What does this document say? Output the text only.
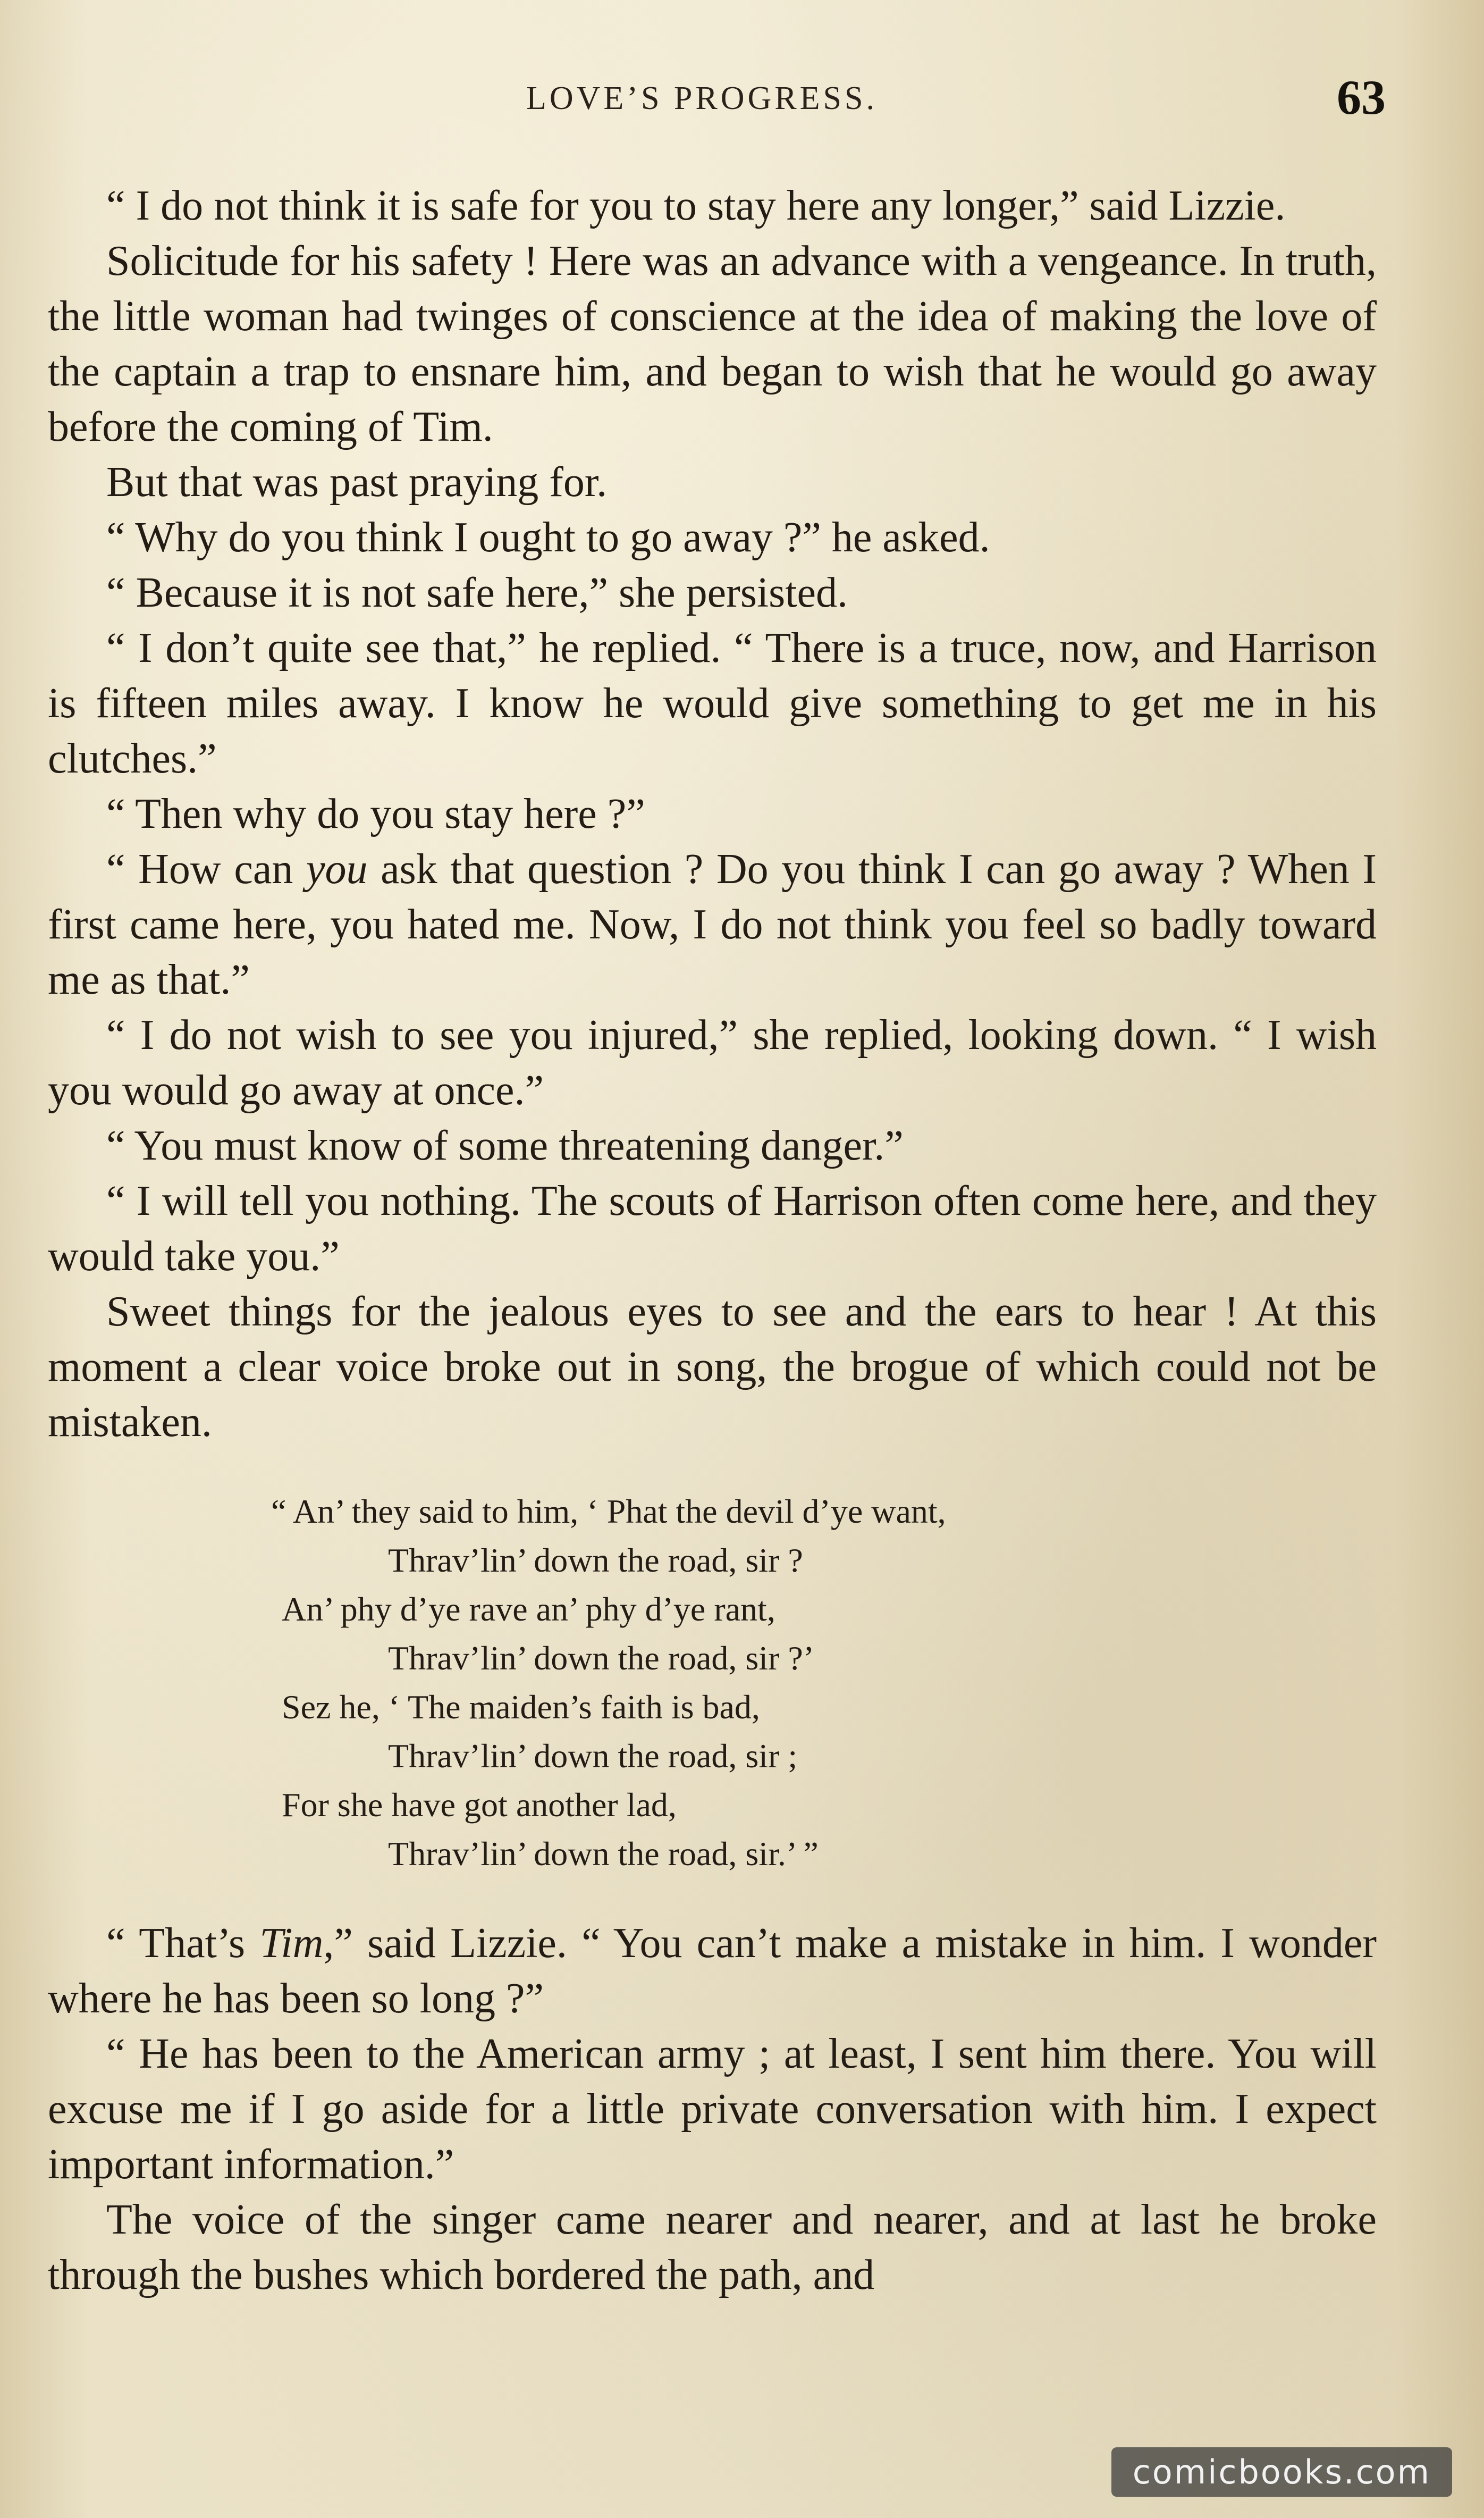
LOVE’S PROGRESS.	63

“ I do not think it is safe for you to stay here any longer,” said Lizzie.

Solicitude for his safety ! Here was an advance with a vengeance. In truth, the little woman had twinges of conscience at the idea of making the love of the captain a trap to ensnare him, and began to wish that he would go away before the coming of Tim.

But that was past praying for.

“ Why do you think I ought to go away ?” he asked.

“ Because it is not safe here,” she persisted.

“ I don’t quite see that,” he replied. “ There is a truce, now, and Harrison is fifteen miles away. I know he would give something to get me in his clutches.”

“ Then why do you stay here ?”

“ How can you ask that question ? Do you think I can go away ? When I first came here, you hated me. Now, I do not think you feel so badly toward me as that.”

“ I do not wish to see you injured,” she replied, looking down. “ I wish you would go away at once.”

“ You must know of some threatening danger.”

“ I will tell you nothing. The scouts of Harrison often come here, and they would take you.”

Sweet things for the jealous eyes to see and the ears to hear ! At this moment a clear voice broke out in song, the brogue of which could not be mistaken.

“ An’ they said to him, ‘ Phat the devil d’ye want,
Thrav’lin’ down the road, sir ?
An’ phy d’ye rave an’ phy d’ye rant,
Thrav’lin’ down the road, sir ?’
Sez he, ‘ The maiden’s faith is bad,
Thrav’lin’ down the road, sir ;
For she have got another lad,
Thrav’lin’ down the road, sir.’ ”

“ That’s Tim,” said Lizzie. “ You can’t make a mistake in him. I wonder where he has been so long ?”

“ He has been to the American army ; at least, I sent him there. You will excuse me if I go aside for a little private conversation with him. I expect important information.”

The voice of the singer came nearer and nearer, and at last he broke through the bushes which bordered the path, and

comicbooks.com
